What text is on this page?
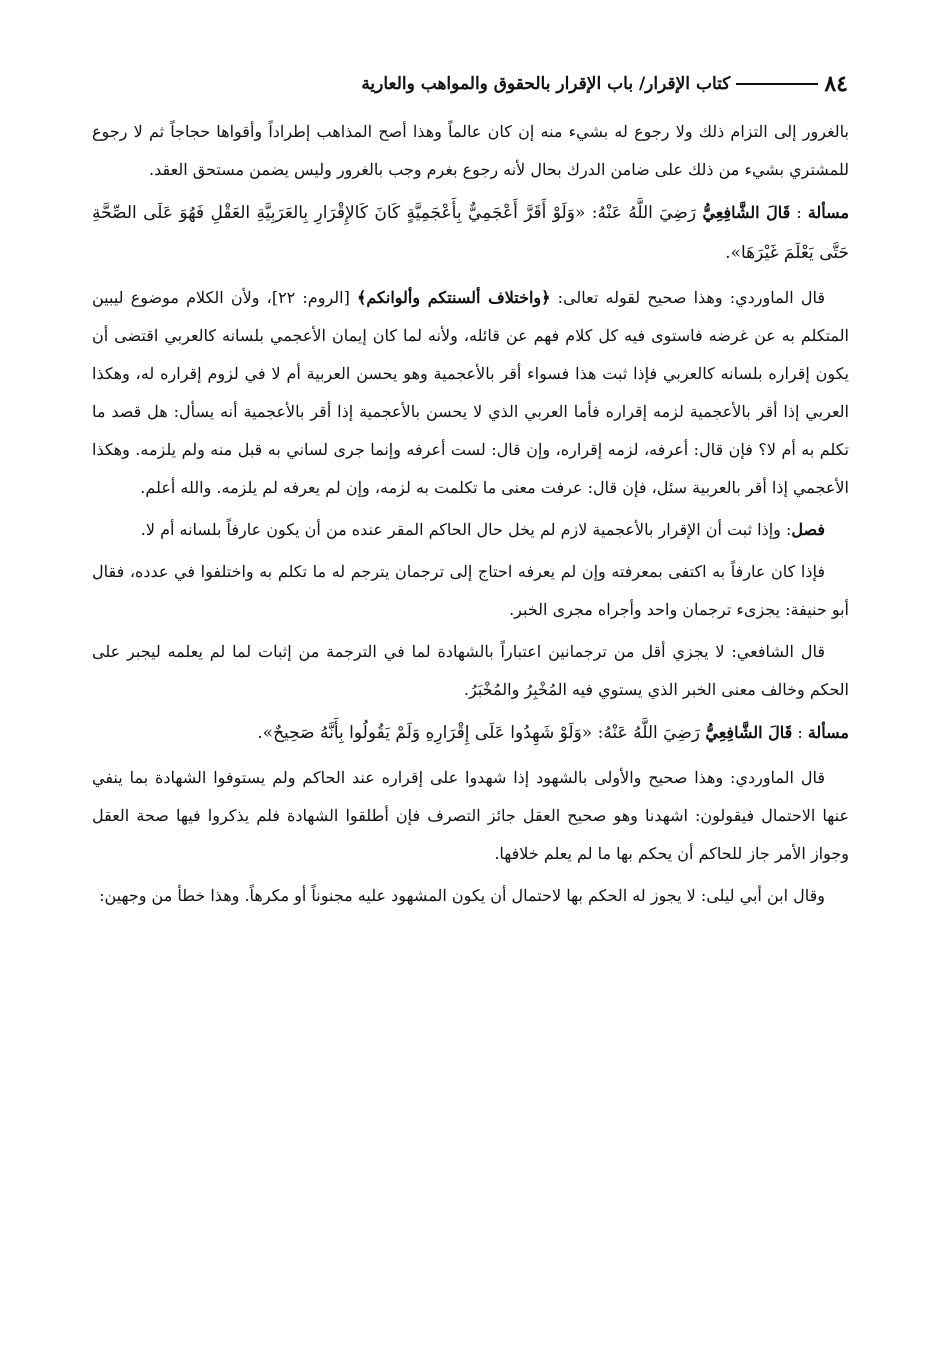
٨٤
كتاب الإقرار/ باب الإقرار بالحقوق والمواهب والعارية

بالغرور إلى التزام ذلك ولا رجوع له بشيء منه إن كان عالماً وهذا أصح المذاهب إطراداً وأقواها حجاجاً ثم لا رجوع للمشتري بشيء من ذلك على ضامن الدرك بحال لأنه رجوع بغرم وجب بالغرور وليس يضمن مستحق العقد.

مسألة : قَالَ الشَّافِعِيُّ رَضِيَ اللَّهُ عَنْهُ: «وَلَوْ أَقَرَّ أَعْجَمِيٌّ بِأَعْجَمِيَّةٍ كَانَ كَالإِقْرَارِ بِالعَرَبِيَّةِ العَقْلِ فَهُوَ عَلَى الصِّحَّةِ حَتَّى يَعْلَمَ غَيْرَهَا».

قال الماوردي: وهذا صحيح لقوله تعالى: ﴿واختلاف ألسنتكم وألوانكم﴾ [الروم: ٢٢]، ولأن الكلام موضوع ليبين المتكلم به عن غرضه فاستوى فيه كل كلام فهم عن قائله، ولأنه لما كان إيمان الأعجمي بلسانه كالعربي اقتضى أن يكون إقراره بلسانه كالعربي فإذا ثبت هذا فسواء أقر بالأعجمية وهو يحسن العربية أم لا في لزوم إقراره له، وهكذا العربي إذا أقر بالأعجمية لزمه إقراره فأما العربي الذي لا يحسن بالأعجمية إذا أقر بالأعجمية أنه يسأل: هل قصد ما تكلم به أم لا؟ فإن قال: أعرفه، لزمه إقراره، وإن قال: لست أعرفه وإنما جرى لساني به قبل منه ولم يلزمه. وهكذا الأعجمي إذا أقر بالعربية سئل، فإن قال: عرفت معنى ما تكلمت به لزمه، وإن لم يعرفه لم يلزمه. والله أعلم.

فصل: وإذا ثبت أن الإقرار بالأعجمية لازم لم يخل حال الحاكم المقر عنده من أن يكون عارفاً بلسانه أم لا.

فإذا كان عارفاً به اكتفى بمعرفته وإن لم يعرفه احتاج إلى ترجمان يترجم له ما تكلم به واختلفوا في عدده، فقال أبو حنيفة: يجزىء ترجمان واحد وأجراه مجرى الخبر.

قال الشافعي: لا يجزي أقل من ترجمانين اعتباراً بالشهادة لما في الترجمة من إثبات لما لم يعلمه ليجبر على الحكم وخالف معنى الخبر الذي يستوي فيه المُخْبِرُ والمُخْبَرُ.

مسألة : قَالَ الشَّافِعِيُّ رَضِيَ اللَّهُ عَنْهُ: «وَلَوْ شَهِدُوا عَلَى إِقْرَارِهِ وَلَمْ يَقُولُوا بِأَنَّهُ صَحِيحٌ».

قال الماوردي: وهذا صحيح والأولى بالشهود إذا شهدوا على إقراره عند الحاكم ولم يستوفوا الشهادة بما ينفي عنها الاحتمال فيقولون: اشهدنا وهو صحيح العقل جائز التصرف فإن أطلقوا الشهادة فلم يذكروا فيها صحة العقل وجواز الأمر جاز للحاكم أن يحكم بها ما لم يعلم خلافها.

وقال ابن أبي ليلى: لا يجوز له الحكم بها لاحتمال أن يكون المشهود عليه مجنوناً أو مكرهاً. وهذا خطأ من وجهين:
